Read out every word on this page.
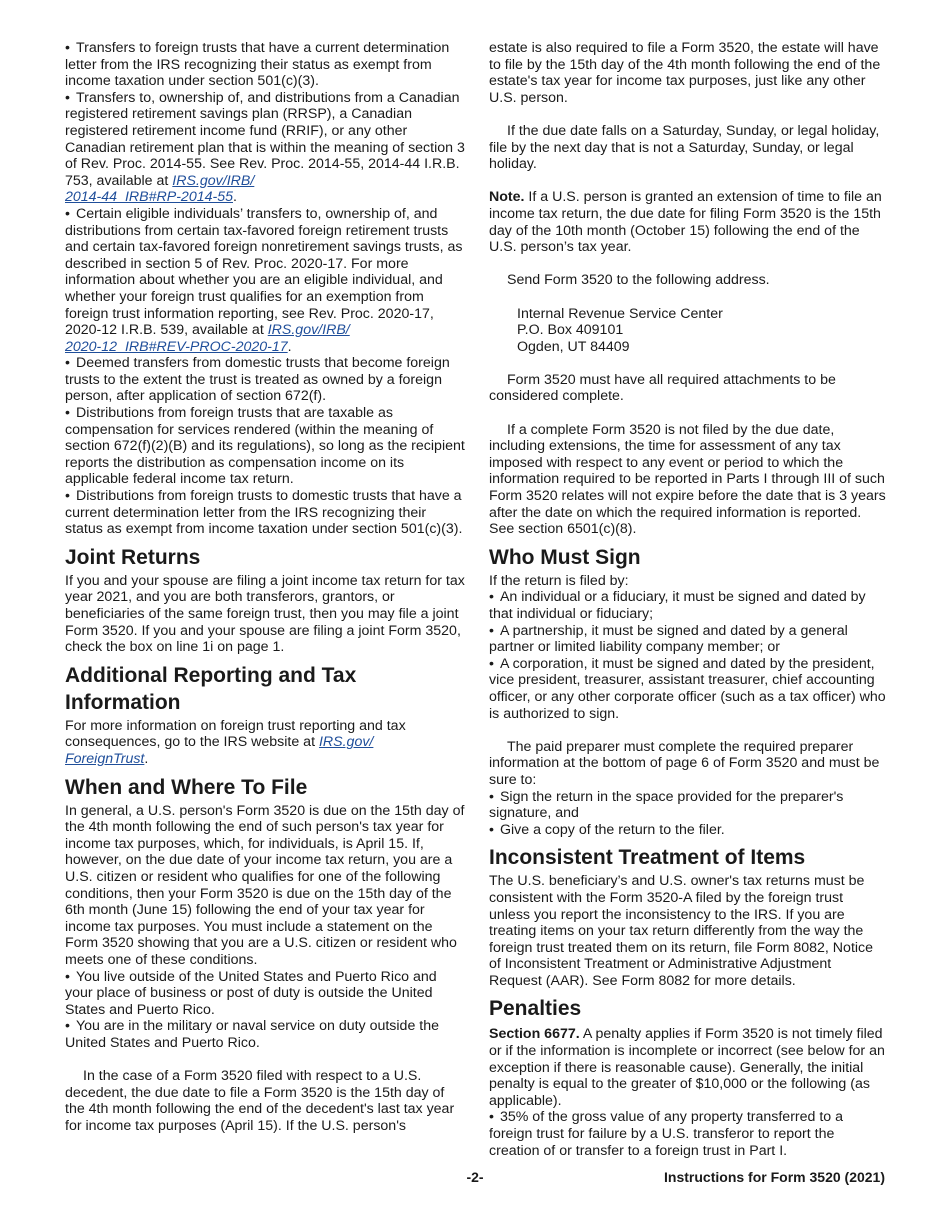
• Transfers to foreign trusts that have a current determination letter from the IRS recognizing their status as exempt from income taxation under section 501(c)(3).

• Transfers to, ownership of, and distributions from a Canadian registered retirement savings plan (RRSP), a Canadian registered retirement income fund (RRIF), or any other Canadian retirement plan that is within the meaning of section 3 of Rev. Proc. 2014-55. See Rev. Proc. 2014-55, 2014-44 I.R.B. 753, available at IRS.gov/IRB/
2014-44_IRB#RP-2014-55.

• Certain eligible individuals’ transfers to, ownership of, and distributions from certain tax-favored foreign retirement trusts and certain tax-favored foreign nonretirement savings trusts, as described in section 5 of Rev. Proc. 2020-17. For more information about whether you are an eligible individual, and whether your foreign trust qualifies for an exemption from foreign trust information reporting, see Rev. Proc. 2020-17, 2020-12 I.R.B. 539, available at IRS.gov/IRB/
2020-12_IRB#REV-PROC-2020-17.

• Deemed transfers from domestic trusts that become foreign trusts to the extent the trust is treated as owned by a foreign person, after application of section 672(f).

• Distributions from foreign trusts that are taxable as compensation for services rendered (within the meaning of section 672(f)(2)(B) and its regulations), so long as the recipient reports the distribution as compensation income on its applicable federal income tax return.

• Distributions from foreign trusts to domestic trusts that have a current determination letter from the IRS recognizing their status as exempt from income taxation under section 501(c)(3).

Joint Returns

If you and your spouse are filing a joint income tax return for tax year 2021, and you are both transferors, grantors, or beneficiaries of the same foreign trust, then you may file a joint Form 3520. If you and your spouse are filing a joint Form 3520, check the box on line 1i on page 1.

Additional Reporting and Tax Information

For more information on foreign trust reporting and tax consequences, go to the IRS website at IRS.gov/
ForeignTrust.

When and Where To File

In general, a U.S. person's Form 3520 is due on the 15th day of the 4th month following the end of such person's tax year for income tax purposes, which, for individuals, is April 15. If, however, on the due date of your income tax return, you are a U.S. citizen or resident who qualifies for one of the following conditions, then your Form 3520 is due on the 15th day of the 6th month (June 15) following the end of your tax year for income tax purposes. You must include a statement on the Form 3520 showing that you are a U.S. citizen or resident who meets one of these conditions.

• You live outside of the United States and Puerto Rico and your place of business or post of duty is outside the United States and Puerto Rico.

• You are in the military or naval service on duty outside the United States and Puerto Rico.

In the case of a Form 3520 filed with respect to a U.S. decedent, the due date to file a Form 3520 is the 15th day of the 4th month following the end of the decedent's last tax year for income tax purposes (April 15). If the U.S. person's

estate is also required to file a Form 3520, the estate will have to file by the 15th day of the 4th month following the end of the estate's tax year for income tax purposes, just like any other U.S. person.

If the due date falls on a Saturday, Sunday, or legal holiday, file by the next day that is not a Saturday, Sunday, or legal holiday.

Note. If a U.S. person is granted an extension of time to file an income tax return, the due date for filing Form 3520 is the 15th day of the 10th month (October 15) following the end of the U.S. person’s tax year.

Send Form 3520 to the following address.

Internal Revenue Service Center

P.O. Box 409101

Ogden, UT 84409

Form 3520 must have all required attachments to be considered complete.

If a complete Form 3520 is not filed by the due date, including extensions, the time for assessment of any tax imposed with respect to any event or period to which the information required to be reported in Parts I through III of such Form 3520 relates will not expire before the date that is 3 years after the date on which the required information is reported. See section 6501(c)(8).

Who Must Sign

If the return is filed by:

• An individual or a fiduciary, it must be signed and dated by that individual or fiduciary;

• A partnership, it must be signed and dated by a general partner or limited liability company member; or

• A corporation, it must be signed and dated by the president, vice president, treasurer, assistant treasurer, chief accounting officer, or any other corporate officer (such as a tax officer) who is authorized to sign.

The paid preparer must complete the required preparer information at the bottom of page 6 of Form 3520 and must be sure to:

• Sign the return in the space provided for the preparer's signature, and

• Give a copy of the return to the filer.

Inconsistent Treatment of Items

The U.S. beneficiary’s and U.S. owner's tax returns must be consistent with the Form 3520-A filed by the foreign trust unless you report the inconsistency to the IRS. If you are treating items on your tax return differently from the way the foreign trust treated them on its return, file Form 8082, Notice of Inconsistent Treatment or Administrative Adjustment Request (AAR). See Form 8082 for more details.

Penalties

Section 6677. A penalty applies if Form 3520 is not timely filed or if the information is incomplete or incorrect (see below for an exception if there is reasonable cause). Generally, the initial penalty is equal to the greater of $10,000 or the following (as applicable).

• 35% of the gross value of any property transferred to a foreign trust for failure by a U.S. transferor to report the creation of or transfer to a foreign trust in Part I.

-2-	Instructions for Form 3520 (2021)
